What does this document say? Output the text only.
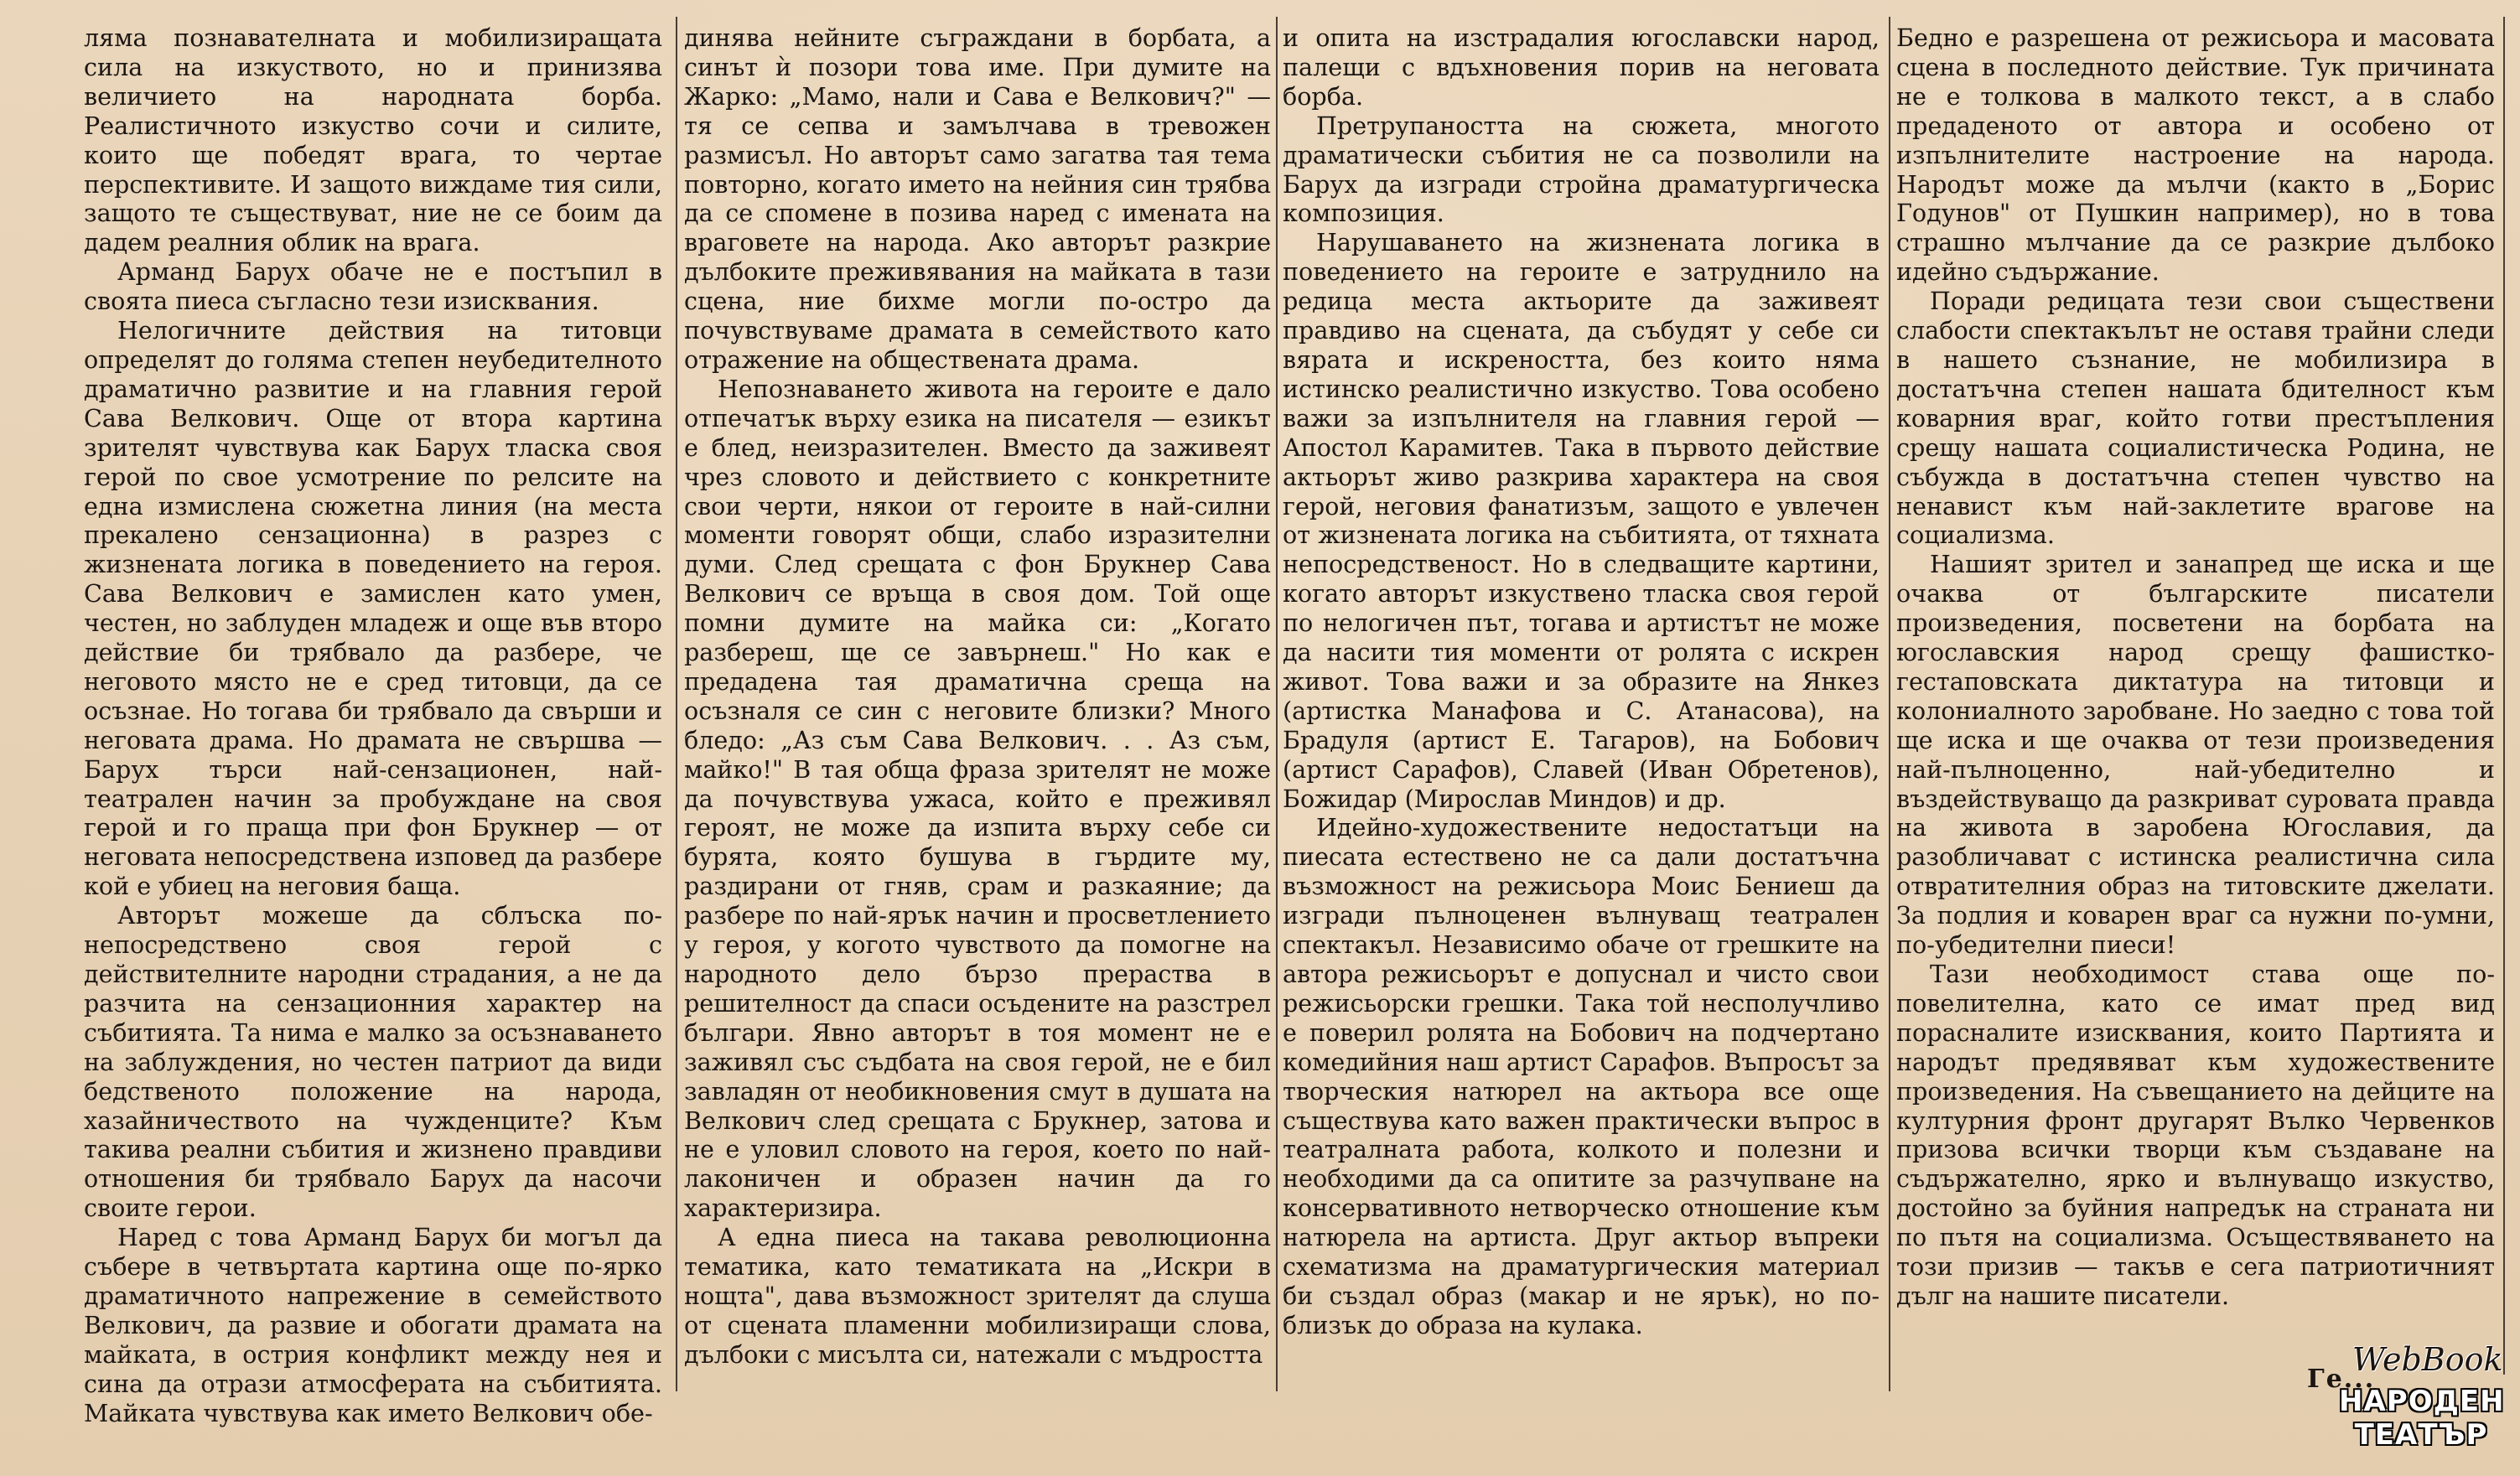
ляма познавателната и мобилизиращата сила на изкуството, но и принизява величието на народната борба. Реалистичното изкуство сочи и силите, които ще победят врага, то чертае перспективите. И защото виждаме тия сили, защото те съществуват, ние не се боим да дадем реалния облик на врага.

Арманд Барух обаче не е постъпил в своята пиеса съгласно тези изисквания.

Нелогичните действия на титовци определят до голяма степен неубедителното драматично развитие и на главния герой Сава Велкович. Още от втора картина зрителят чувствува как Барух тласка своя герой по свое усмотрение по релсите на една измислена сюжетна линия (на места прекалено сензационна) в разрез с жизнената логика в поведението на героя. Сава Велкович е замислен като умен, честен, но заблуден младеж и още във второ действие би трябвало да разбере, че неговото място не е сред титовци, да се осъзнае. Но тогава би трябвало да свърши и неговата драма. Но драмата не свършва — Барух търси най-сензационен, най-театрален начин за пробуждане на своя герой и го праща при фон Брукнер — от неговата непосредствена изповед да разбере кой е убиец на неговия баща.

Авторът можеше да сблъска по-непосредствено своя герой с действителните народни страдания, а не да разчита на сензационния характер на събитията. Та нима е малко за осъзнаването на заблуждения, но честен патриот да види бедственото положение на народа, хазайничеството на чужденците? Към такива реални събития и жизнено правдиви отношения би трябвало Барух да насочи своите герои.

Наред с това Арманд Барух би могъл да събере в четвъртата картина още по-ярко драматичното напрежение в семейството Велкович, да развие и обогати драмата на майката, в острия конфликт между нея и сина да отрази атмосферата на събитията. Майката чувствува как името Велкович обе-

динява нейните съграждани в борбата, а синът ѝ позори това име. При думите на Жарко: „Мамо, нали и Сава е Велкович?" — тя се сепва и замълчава в тревожен размисъл. Но авторът само загатва тая тема повторно, когато името на нейния син трябва да се спомене в позива наред с имената на враговете на народа. Ако авторът разкрие дълбоките преживявания на майката в тази сцена, ние бихме могли по-остро да почувствуваме драмата в семейството като отражение на обществената драма.

Непознаването живота на героите е дало отпечатък върху езика на писателя — езикът е блед, неизразителен. Вместо да заживеят чрез словото и действието с конкретните свои черти, някои от героите в най-силни моменти говорят общи, слабо изразителни думи. След срещата с фон Брукнер Сава Велкович се връща в своя дом. Той още помни думите на майка си: „Когато разбереш, ще се завърнеш." Но как е предадена тая драматична среща на осъзналя се син с неговите близки? Много бледо: „Аз съм Сава Велкович. . . Аз съм, майко!" В тая обща фраза зрителят не може да почувствува ужаса, който е преживял героят, не може да изпита върху себе си бурята, която бушува в гърдите му, раздирани от гняв, срам и разкаяние; да разбере по най-ярък начин и просветлението у героя, у когото чувството да помогне на народното дело бързо прераства в решителност да спаси осъдените на разстрел българи. Явно авторът в тоя момент не е заживял със съдбата на своя герой, не е бил завладян от необикновения смут в душата на Велкович след срещата с Брукнер, затова и не е уловил словото на героя, което по най-лаконичен и образен начин да го характеризира.

А една пиеса на такава революционна тематика, като тематиката на „Искри в нощта", дава възможност зрителят да слуша от сцената пламенни мобилизиращи слова, дълбоки с мисълта си, натежали с мъдростта

и опита на изстрадалия югославски народ, палещи с вдъхновения порив на неговата борба.

Претрупаността на сюжета, многото драматически събития не са позволили на Барух да изгради стройна драматургическа композиция.

Нарушаването на жизнената логика в поведението на героите е затруднило на редица места актьорите да заживеят правдиво на сцената, да събудят у себе си вярата и искреността, без които няма истинско реалистично изкуство. Това особено важи за изпълнителя на главния герой — Апостол Карамитев. Така в първото действие актьорът живо разкрива характера на своя герой, неговия фанатизъм, защото е увлечен от жизнената логика на събитията, от тяхната непосредственост. Но в следващите картини, когато авторът изкуствено тласка своя герой по нелогичен път, тогава и артистът не може да насити тия моменти от ролята с искрен живот. Това важи и за образите на Янкез (артистка Манафова и С. Атанасова), на Брадуля (артист Е. Тагаров), на Бобович (артист Сарафов), Славей (Иван Обретенов), Божидар (Мирослав Миндов) и др.

Идейно-художествените недостатъци на пиесата естествено не са дали достатъчна възможност на режисьора Моис Бениеш да изгради пълноценен вълнуващ театрален спектакъл. Независимо обаче от грешките на автора режисьорът е допуснал и чисто свои режисьорски грешки. Така той несполучливо е поверил ролята на Бобович на подчертано комедийния наш артист Сарафов. Въпросът за творческия натюрел на актьора все още съществува като важен практически въпрос в театралната работа, колкото и полезни и необходими да са опитите за разчупване на консервативното нетворческо отношение към натюрела на артиста. Друг актьор въпреки схематизма на драматургическия материал би създал образ (макар и не ярък), но по-близък до образа на кулака.

Бедно е разрешена от режисьора и масовата сцена в последното действие. Тук причината не е толкова в малкото текст, а в слабо предаденото от автора и особено от изпълнителите настроение на народа. Народът може да мълчи (както в „Борис Годунов" от Пушкин например), но в това страшно мълчание да се разкрие дълбоко идейно съдържание.

Поради редицата тези свои съществени слабости спектакълът не оставя трайни следи в нашето съзнание, не мобилизира в достатъчна степен нашата бдителност към коварния враг, който готви престъпления срещу нашата социалистическа Родина, не събужда в достатъчна степен чувство на ненавист към най-заклетите врагове на социализма.

Нашият зрител и занапред ще иска и ще очаква от българските писатели произведения, посветени на борбата на югославския народ срещу фашистко-гестаповската диктатура на титовци и колониалното заробване. Но заедно с това той ще иска и ще очаква от тези произведения най-пълноценно, най-убедително и въздействуващо да разкриват суровата правда на живота в заробена Югославия, да разобличават с истинска реалистична сила отвратителния образ на титовските джелати. За подлия и коварен враг са нужни по-умни, по-убедителни пиеси!

Тази необходимост става още по-повелителна, като се имат пред вид порасналите изисквания, които Партията и народът предявяват към художествените произведения. На съвещанието на дейците на културния фронт другарят Вълко Червенков призова всички творци към създаване на съдържателно, ярко и вълнуващо изкуство, достойно за буйния напредък на страната ни по пътя на социализма. Осъществяването на този призив — такъв е сега патриотичният дълг на нашите писатели.

Ге...
WebBook
НАРОДЕН
ТЕАТЪР
